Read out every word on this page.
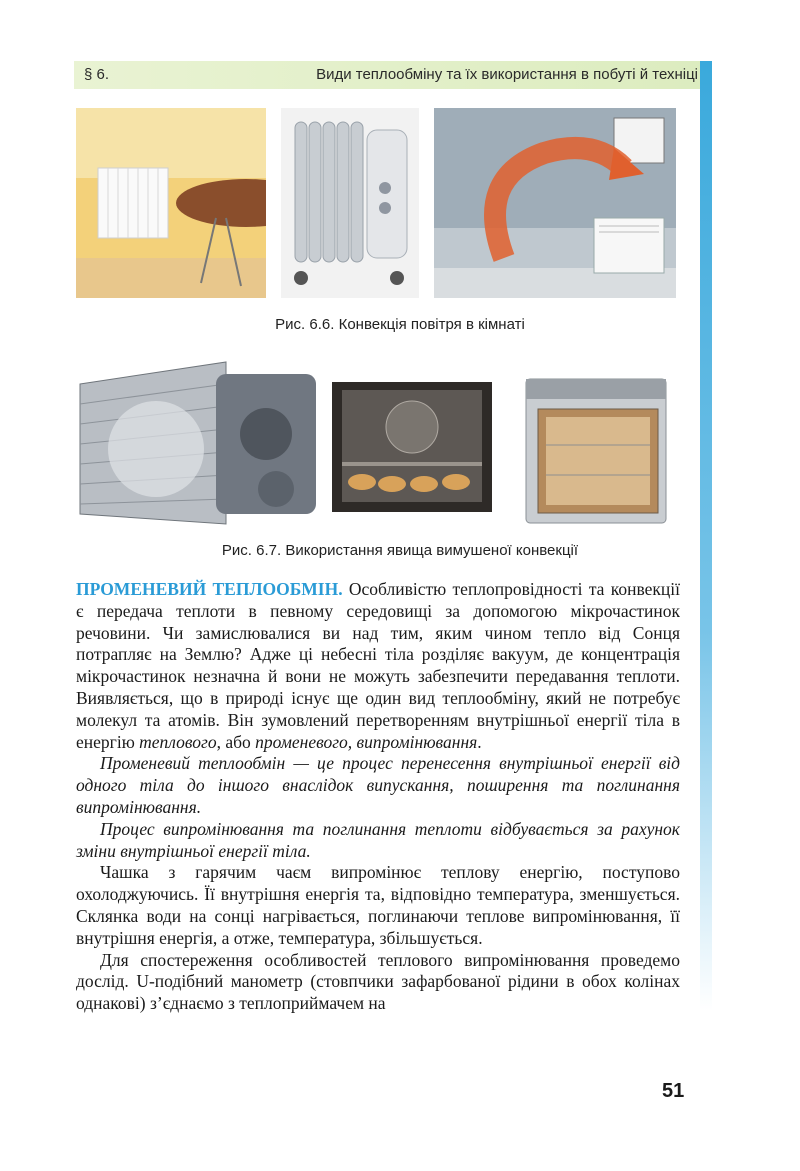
§ 6.	Види теплообміну та їх використання в побуті й техніці
Рис. 6.6. Конвекція повітря в кімнаті
Рис. 6.7. Використання явища вимушеної конвекції

ПРОМЕНЕВИЙ ТЕПЛООБМІН. Особливістю теплопровідності та конвекції є передача теплоти в певному середовищі за допомогою мікрочастинок речовини. Чи замислювалися ви над тим, яким чином тепло від Сонця потрапляє на Землю? Адже ці небесні тіла розділяє вакуум, де концентрація мікрочастинок незначна й вони не можуть забезпечити передавання теплоти. Виявляється, що в природі існує ще один вид теплообміну, який не потребує молекул та атомів. Він зумовлений перетворенням внутрішньої енергії тіла в енергію теплового, або променевого, випромінювання.

Променевий теплообмін — це процес перенесення внутрішньої енергії від одного тіла до іншого внаслідок випускання, поширення та поглинання випромінювання.

Процес випромінювання та поглинання теплоти відбувається за рахунок зміни внутрішньої енергії тіла.

Чашка з гарячим чаєм випромінює теплову енергію, поступово охолоджуючись. Її внутрішня енергія та, відповідно температура, зменшується. Склянка води на сонці нагрівається, поглинаючи теплове випромінювання, її внутрішня енергія, а отже, температура, збільшується.

Для спостереження особливостей теплового випромінювання проведемо дослід. U-подібний манометр (стовпчики зафарбованої рідини в обох колінах однакові) з’єднаємо з теплоприймачем на

51
